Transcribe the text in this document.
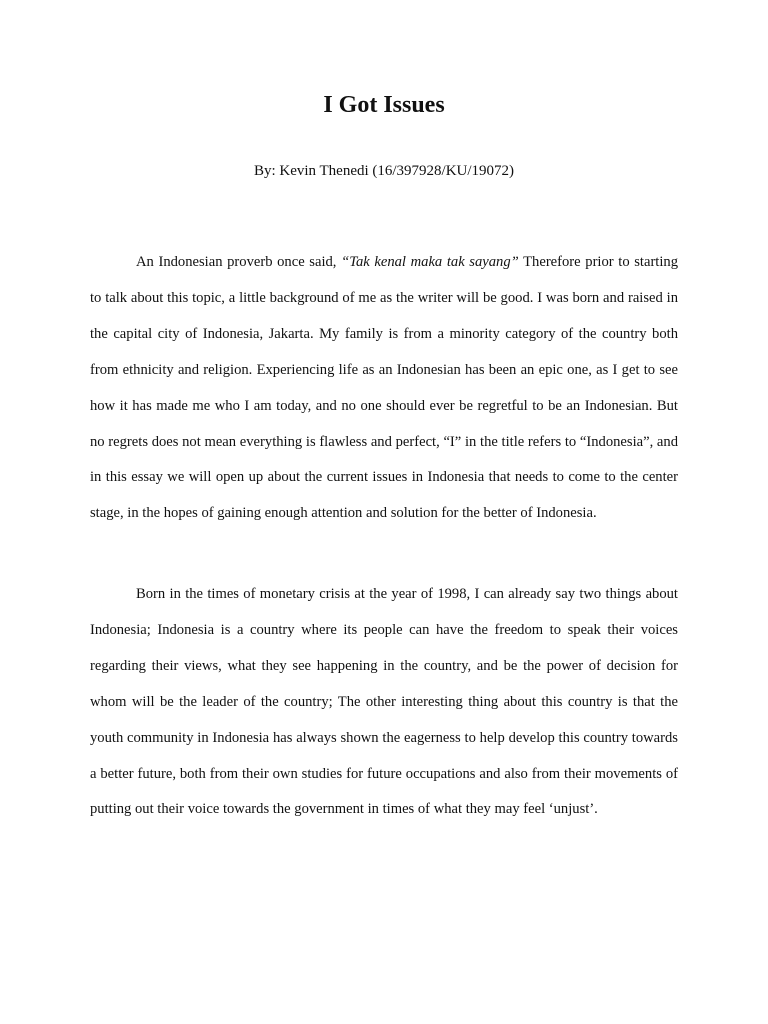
I Got Issues

By: Kevin Thenedi (16/397928/KU/19072)

An Indonesian proverb once said, “Tak kenal maka tak sayang” Therefore prior to starting to talk about this topic, a little background of me as the writer will be good. I was born and raised in the capital city of Indonesia, Jakarta. My family is from a minority category of the country both from ethnicity and religion. Experiencing life as an Indonesian has been an epic one, as I get to see how it has made me who I am today, and no one should ever be regretful to be an Indonesian. But no regrets does not mean everything is flawless and perfect, “I” in the title refers to “Indonesia”, and in this essay we will open up about the current issues in Indonesia that needs to come to the center stage, in the hopes of gaining enough attention and solution for the better of Indonesia.

Born in the times of monetary crisis at the year of 1998, I can already say two things about Indonesia; Indonesia is a country where its people can have the freedom to speak their voices regarding their views, what they see happening in the country, and be the power of decision for whom will be the leader of the country; The other interesting thing about this country is that the youth community in Indonesia has always shown the eagerness to help develop this country towards a better future, both from their own studies for future occupations and also from their movements of putting out their voice towards the government in times of what they may feel ‘unjust’.
